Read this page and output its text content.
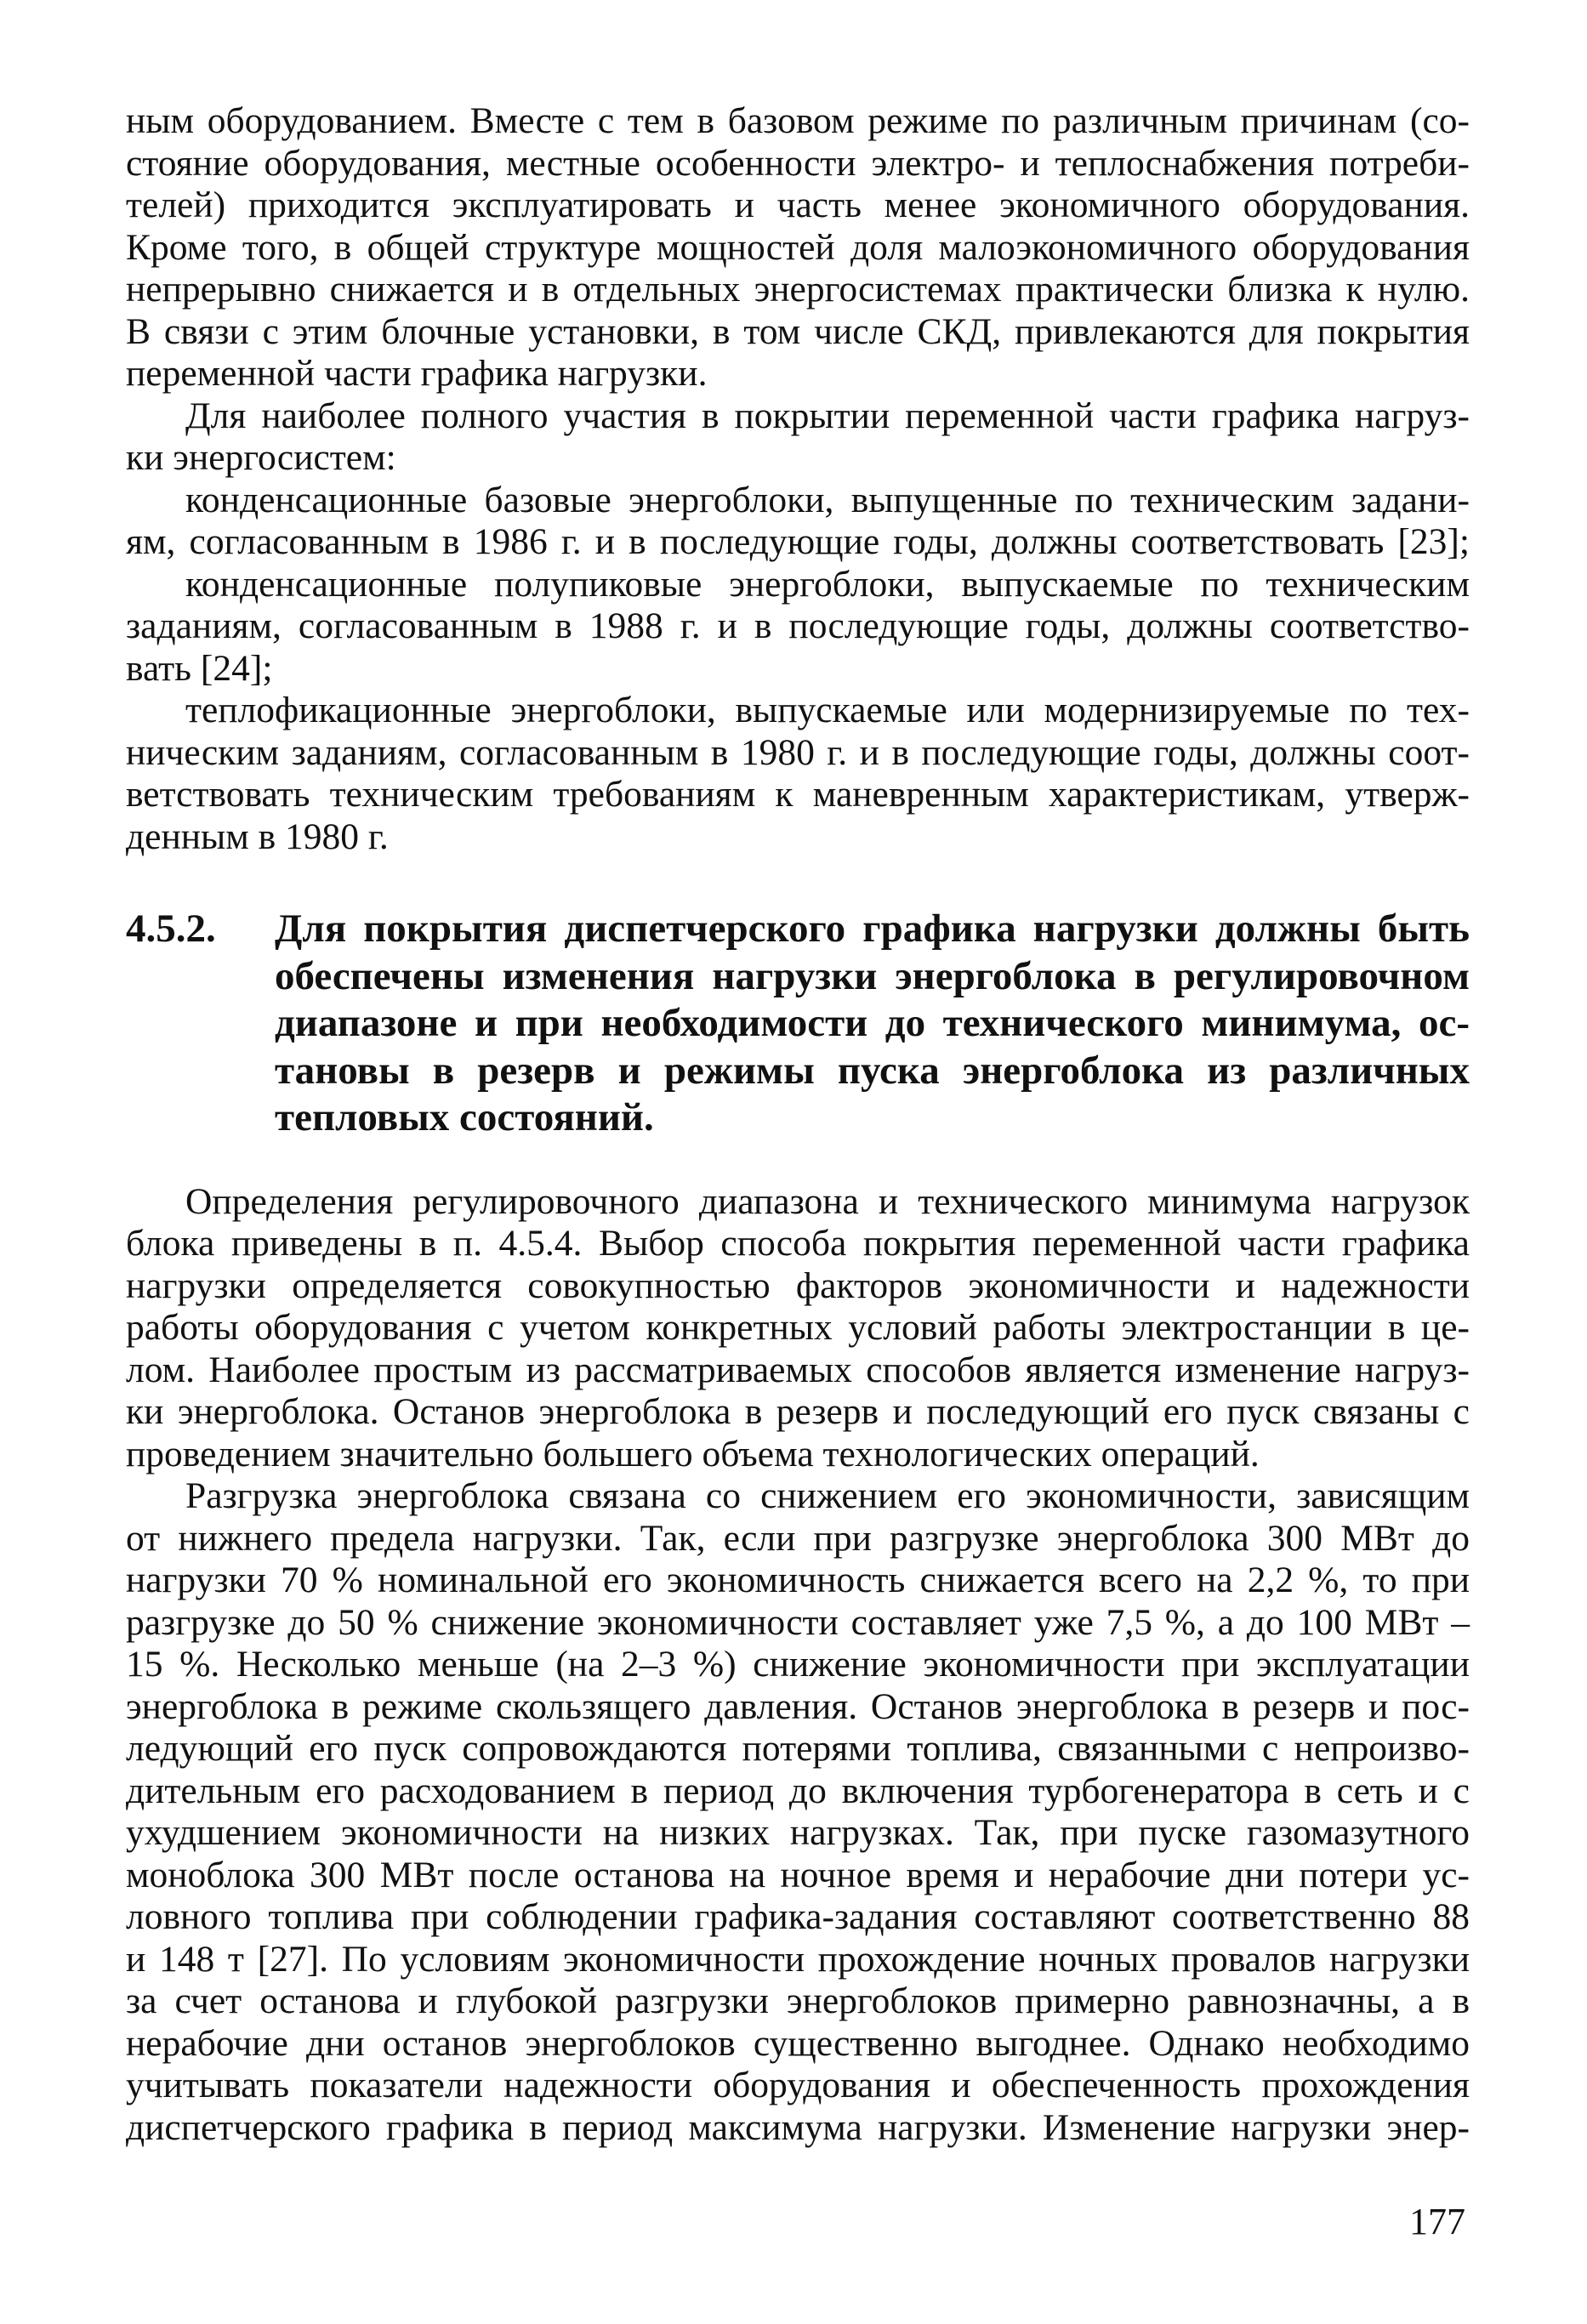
ным оборудованием. Вместе с тем в базовом режиме по различным причинам (со-
стояние оборудования, местные особенности электро- и теплоснабжения потреби-
телей) приходится эксплуатировать и часть менее экономичного оборудования.
Кроме того, в общей структуре мощностей доля малоэкономичного оборудования
непрерывно снижается и в отдельных энергосистемах практически близка к нулю.
В связи с этим блочные установки, в том числе СКД, привлекаются для покрытия
переменной части графика нагрузки.
Для наиболее полного участия в покрытии переменной части графика нагруз-
ки энергосистем:
конденсационные базовые энергоблоки, выпущенные по техническим задани-
ям, согласованным в 1986 г. и в последующие годы, должны соответствовать [23];
конденсационные полупиковые энергоблоки, выпускаемые по техническим
заданиям, согласованным в 1988 г. и в последующие годы, должны соответство-
вать [24];
теплофикационные энергоблоки, выпускаемые или модернизируемые по тех-
ническим заданиям, согласованным в 1980 г. и в последующие годы, должны соот-
ветствовать техническим требованиям к маневренным характеристикам, утверж-
денным в 1980 г.
4.5.2.	Для покрытия диспетчерского графика нагрузки должны быть
обеспечены изменения нагрузки энергоблока в регулировочном
диапазоне и при необходимости до технического минимума, ос-
тановы в резерв и режимы пуска энергоблока из различных
тепловых состояний.
Определения регулировочного диапазона и технического минимума нагрузок
блока приведены в п. 4.5.4. Выбор способа покрытия переменной части графика
нагрузки определяется совокупностью факторов экономичности и надежности
работы оборудования с учетом конкретных условий работы электростанции в це-
лом. Наиболее простым из рассматриваемых способов является изменение нагруз-
ки энергоблока. Останов энергоблока в резерв и последующий его пуск связаны с
проведением значительно большего объема технологических операций.
Разгрузка энергоблока связана со снижением его экономичности, зависящим
от нижнего предела нагрузки. Так, если при разгрузке энергоблока 300 МВт до
нагрузки 70 % номинальной его экономичность снижается всего на 2,2 %, то при
разгрузке до 50 % снижение экономичности составляет уже 7,5 %, а до 100 МВт –
15 %. Несколько меньше (на 2–3 %) снижение экономичности при эксплуатации
энергоблока в режиме скользящего давления. Останов энергоблока в резерв и пос-
ледующий его пуск сопровождаются потерями топлива, связанными с непроизво-
дительным его расходованием в период до включения турбогенератора в сеть и с
ухудшением экономичности на низких нагрузках. Так, при пуске газомазутного
моноблока 300 МВт после останова на ночное время и нерабочие дни потери ус-
ловного топлива при соблюдении графика-задания составляют соответственно 88
и 148 т [27]. По условиям экономичности прохождение ночных провалов нагрузки
за счет останова и глубокой разгрузки энергоблоков примерно равнозначны, а в
нерабочие дни останов энергоблоков существенно выгоднее. Однако необходимо
учитывать показатели надежности оборудования и обеспеченность прохождения
диспетчерского графика в период максимума нагрузки. Изменение нагрузки энер-
177
